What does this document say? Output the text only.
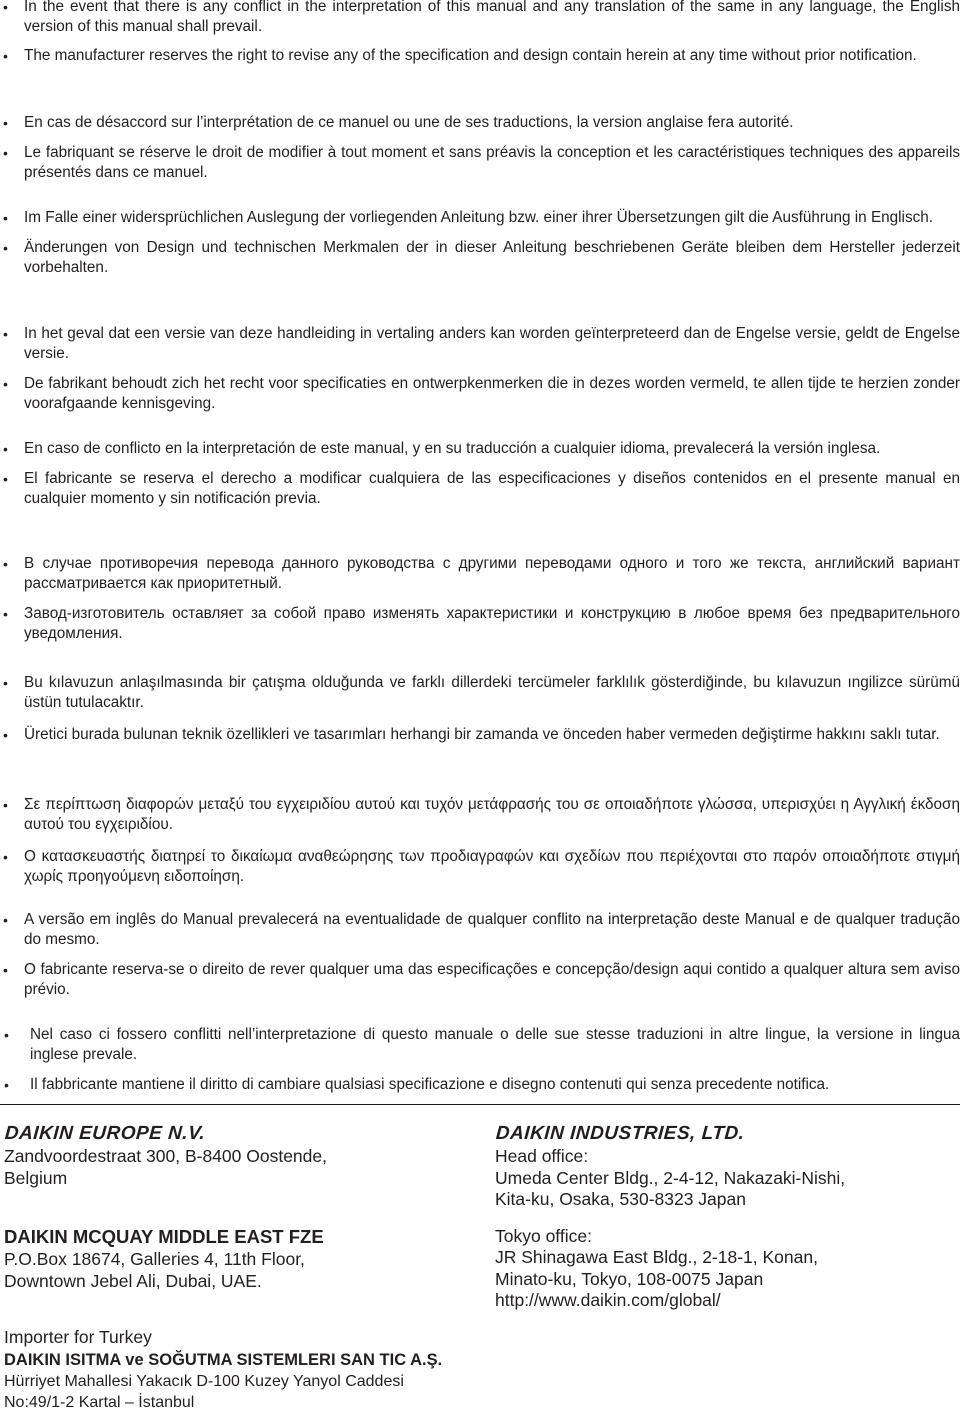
• In the event that there is any conflict in the interpretation of this manual and any translation of the same in any language, the English version of this manual shall prevail.

• The manufacturer reserves the right to revise any of the specification and design contain herein at any time without prior notification.

• En cas de désaccord sur l’interprétation de ce manuel ou une de ses traductions, la version anglaise fera autorité.

• Le fabriquant se réserve le droit de modifier à tout moment et sans préavis la conception et les caractéristiques techniques des appareils présentés dans ce manuel.

• Im Falle einer widersprüchlichen Auslegung der vorliegenden Anleitung bzw. einer ihrer Übersetzungen gilt die Ausführung in Englisch.

• Änderungen von Design und technischen Merkmalen der in dieser Anleitung beschriebenen Geräte bleiben dem Hersteller jederzeit vorbehalten.

• In het geval dat een versie van deze handleiding in vertaling anders kan worden geïnterpreteerd dan de Engelse versie, geldt de Engelse versie.

• De fabrikant behoudt zich het recht voor specificaties en ontwerpkenmerken die in dezes worden vermeld, te allen tijde te herzien zonder voorafgaande kennisgeving.

• En caso de conflicto en la interpretación de este manual, y en su traducción a cualquier idioma, prevalecerá la versión inglesa.

• El fabricante se reserva el derecho a modificar cualquiera de las especificaciones y diseños contenidos en el presente manual en cualquier momento y sin notificación previa.

• В случае противоречия перевода данного руководства с другими переводами одного и того же текста, английский вариант рассматривается как приоритетный.

• Завод-изготовитель оставляет за собой право изменять характеристики и конструкцию в любое время без предварительного уведомления.

• Bu kılavuzun anlaşılmasında bir çatışma olduğunda ve farklı dillerdeki tercümeler farklılık gösterdiğinde, bu kılavuzun ıngilizce sürümü üstün tutulacaktır.

• Üretici burada bulunan teknik özellikleri ve tasarımları herhangi bir zamanda ve önceden haber vermeden değiştirme hakkını saklı tutar.

• Σε περίπτωση διαφορών μεταξύ του εγχειριδίου αυτού και τυχόν μετάφρασής του σε οποιαδήποτε γλώσσα, υπερισχύει η Αγγλική έκδοση αυτού του εγχειριδίου.

• Ο κατασκευαστής διατηρεί το δικαίωμα αναθεώρησης των προδιαγραφών και σχεδίων που περιέχονται στο παρόν οποιαδήποτε στιγμή χωρίς προηγούμενη ειδοποίηση.

• A versão em inglês do Manual prevalecerá na eventualidade de qualquer conflito na interpretação deste Manual e de qualquer tradução do mesmo.

• O fabricante reserva-se o direito de rever qualquer uma das especificações e concepção/design aqui contido a qualquer altura sem aviso prévio.

• Nel caso ci fossero conflitti nell’interpretazione di questo manuale o delle sue stesse traduzioni in altre lingue, la versione in lingua inglese prevale.

• Il fabbricante mantiene il diritto di cambiare qualsiasi specificazione e disegno contenuti qui senza precedente notifica.

DAIKIN EUROPE N.V.
Zandvoordestraat 300, B-8400 Oostende,
Belgium
DAIKIN MCQUAY MIDDLE EAST FZE
P.O.Box 18674, Galleries 4, 11th Floor,
Downtown Jebel Ali, Dubai, UAE.
Importer for Turkey
DAIKIN ISITMA ve SOĞUTMA SISTEMLERI SAN TIC A.Ş.
Hürriyet Mahallesi Yakacık D-100 Kuzey Yanyol Caddesi
No:49/1-2 Kartal – İstanbul
DAIKIN INDUSTRIES, LTD.
Head office:
Umeda Center Bldg., 2-4-12, Nakazaki-Nishi,
Kita-ku, Osaka, 530-8323 Japan
Tokyo office:
JR Shinagawa East Bldg., 2-18-1, Konan,
Minato-ku, Tokyo, 108-0075 Japan
http://www.daikin.com/global/
